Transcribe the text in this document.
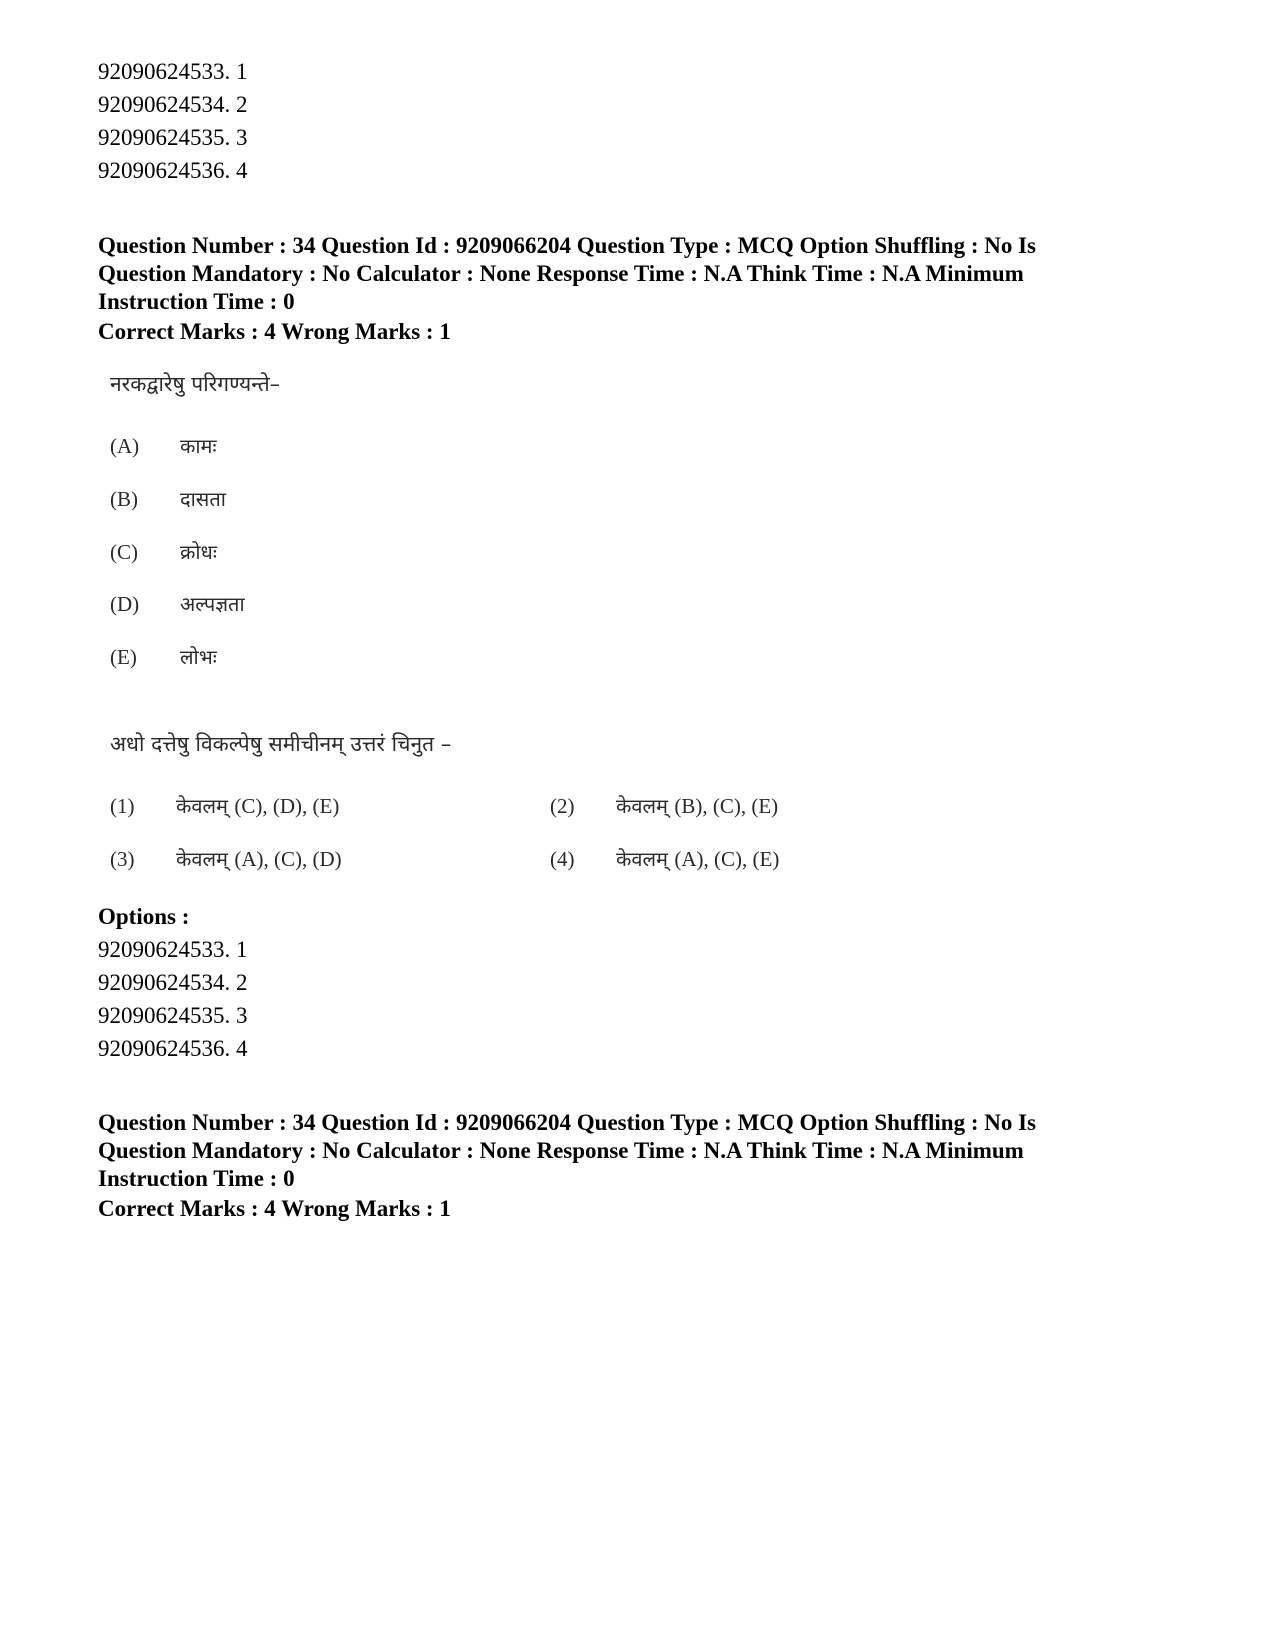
92090624533. 1
92090624534. 2
92090624535. 3
92090624536. 4

Question Number : 34 Question Id : 9209066204 Question Type : MCQ Option Shuffling : No Is

Question Mandatory : No Calculator : None Response Time : N.A Think Time : N.A Minimum

Instruction Time : 0

Correct Marks : 4 Wrong Marks : 1
नरकद्वारेषु परिगण्यन्ते–
(A) कामः
(B) दासता
(C) क्रोधः
(D) अल्पज्ञता
(E) लोभः
अधो दत्तेषु विकल्पेषु समीचीनम् उत्तरं चिनुत –
(1) केवलम् (C), (D), (E)	(2) केवलम् (B), (C), (E)
(3) केवलम् (A), (C), (D)	(4) केवलम् (A), (C), (E)
Options :
92090624533. 1
92090624534. 2
92090624535. 3
92090624536. 4

Question Number : 34 Question Id : 9209066204 Question Type : MCQ Option Shuffling : No Is

Question Mandatory : No Calculator : None Response Time : N.A Think Time : N.A Minimum

Instruction Time : 0

Correct Marks : 4 Wrong Marks : 1
